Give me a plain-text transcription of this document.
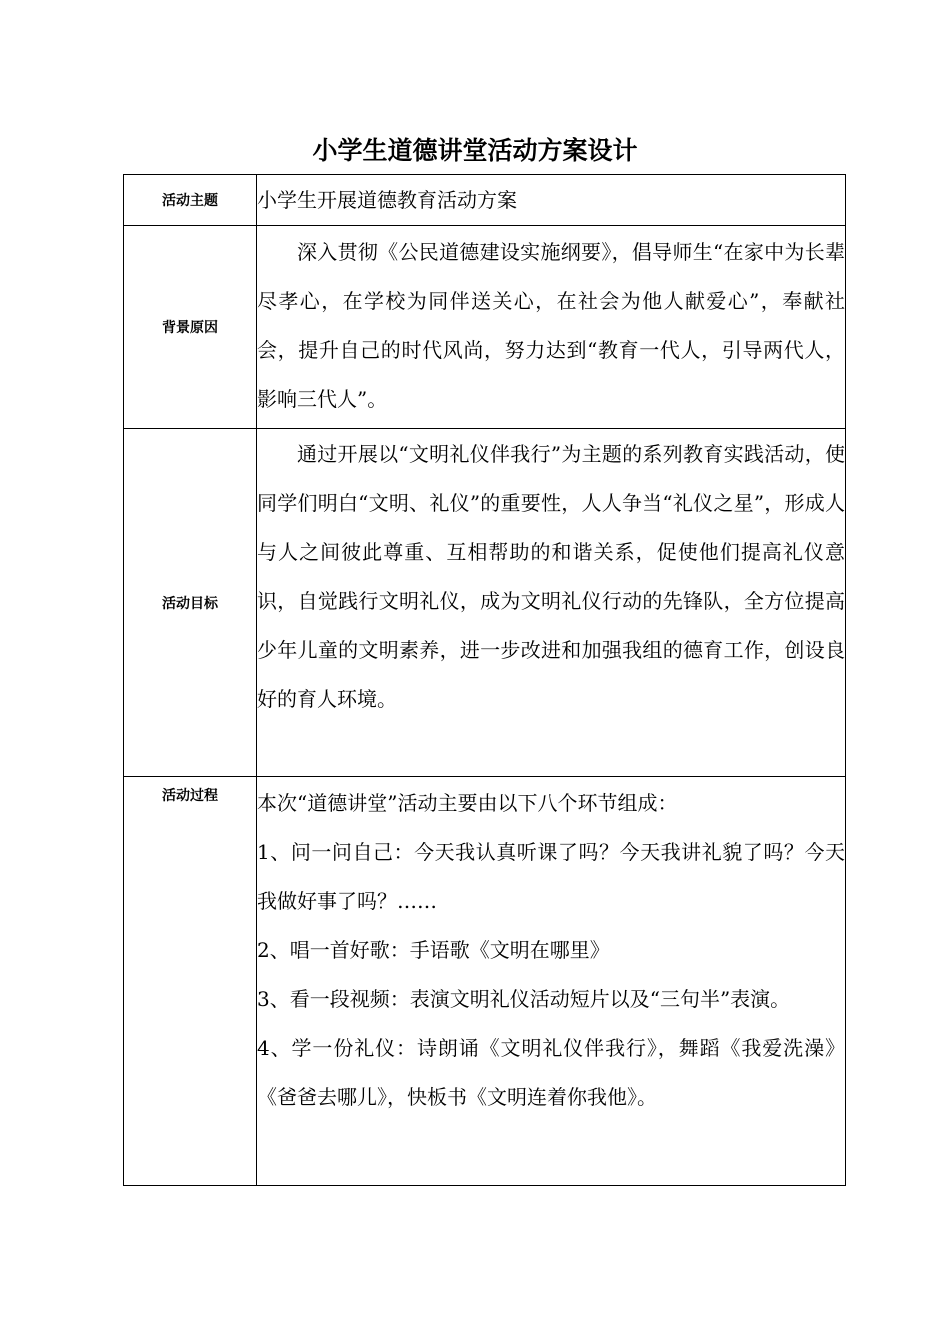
小学生道德讲堂活动方案设计
活动主题	小学生开展道德教育活动方案

背景原因	深入贯彻《公民道德建设实施纲要》，倡导师生“在家中为长辈尽孝心，在学校为同伴送关心，在社会为他人献爱心”，奉献社会，提升自己的时代风尚，努力达到“教育一代人，引导两代人，影响三代人”。

活动目标	通过开展以“文明礼仪伴我行”为主题的系列教育实践活动，使同学们明白“文明、礼仪”的重要性，人人争当“礼仪之星”，形成人与人之间彼此尊重、互相帮助的和谐关系，促使他们提高礼仪意识，自觉践行文明礼仪，成为文明礼仪行动的先锋队，全方位提高少年儿童的文明素养，进一步改进和加强我组的德育工作，创设良好的育人环境。

活动过程	本次“道德讲堂”活动主要由以下八个环节组成：

1、问一问自己：今天我认真听课了吗？今天我讲礼貌了吗？今天我做好事了吗？……

2、唱一首好歌：手语歌《文明在哪里》

3、看一段视频：表演文明礼仪活动短片以及“三句半”表演。

4、学一份礼仪：诗朗诵《文明礼仪伴我行》，舞蹈《我爱洗澡》《爸爸去哪儿》，快板书《文明连着你我他》。
